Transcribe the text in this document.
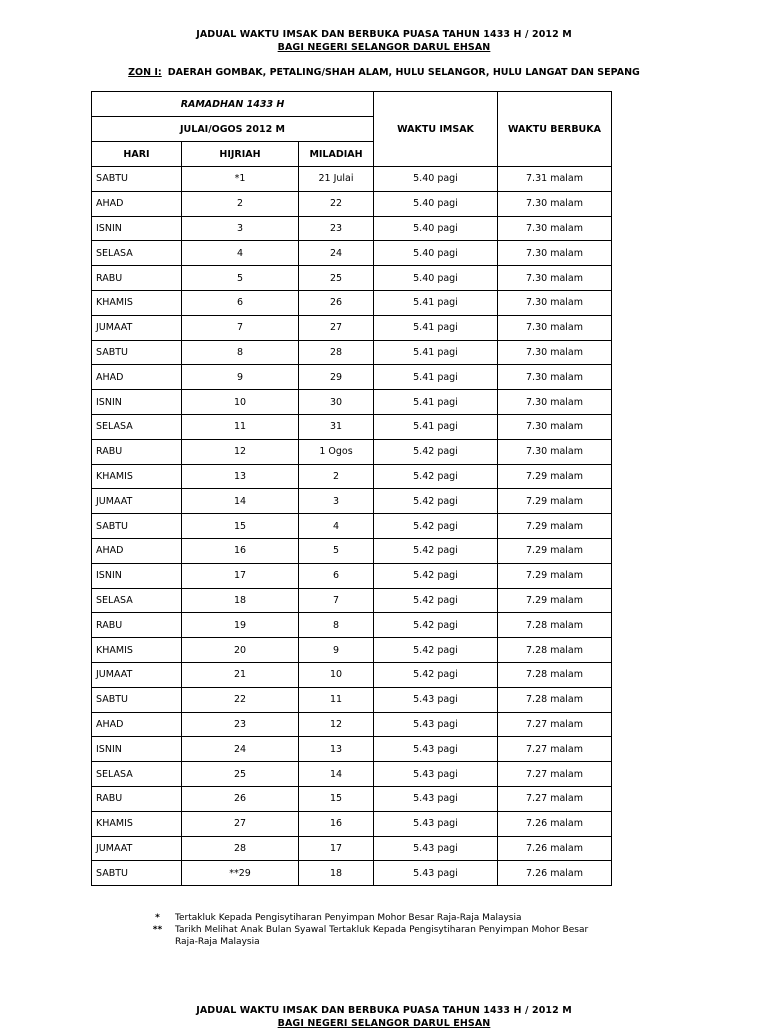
JADUAL WAKTU IMSAK DAN BERBUKA PUASA TAHUN 1433 H / 2012 M
BAGI NEGERI SELANGOR DARUL EHSAN
ZON I: DAERAH GOMBAK, PETALING/SHAH ALAM, HULU SELANGOR, HULU LANGAT DAN SEPANG
RAMADHAN 1433 H			WAKTU IMSAK	WAKTU BERBUKA
JULAI/OGOS 2012 M				
HARI	HIJRIAH	MILADIAH		
SABTU	*1	21 Julai	5.40 pagi	7.31 malam
AHAD	2	22	5.40 pagi	7.30 malam
ISNIN	3	23	5.40 pagi	7.30 malam
SELASA	4	24	5.40 pagi	7.30 malam
RABU	5	25	5.40 pagi	7.30 malam
KHAMIS	6	26	5.41 pagi	7.30 malam
JUMAAT	7	27	5.41 pagi	7.30 malam
SABTU	8	28	5.41 pagi	7.30 malam
AHAD	9	29	5.41 pagi	7.30 malam
ISNIN	10	30	5.41 pagi	7.30 malam
SELASA	11	31	5.41 pagi	7.30 malam
RABU	12	1 Ogos	5.42 pagi	7.30 malam
KHAMIS	13	2	5.42 pagi	7.29 malam
JUMAAT	14	3	5.42 pagi	7.29 malam
SABTU	15	4	5.42 pagi	7.29 malam
AHAD	16	5	5.42 pagi	7.29 malam
ISNIN	17	6	5.42 pagi	7.29 malam
SELASA	18	7	5.42 pagi	7.29 malam
RABU	19	8	5.42 pagi	7.28 malam
KHAMIS	20	9	5.42 pagi	7.28 malam
JUMAAT	21	10	5.42 pagi	7.28 malam
SABTU	22	11	5.43 pagi	7.28 malam
AHAD	23	12	5.43 pagi	7.27 malam
ISNIN	24	13	5.43 pagi	7.27 malam
SELASA	25	14	5.43 pagi	7.27 malam
RABU	26	15	5.43 pagi	7.27 malam
KHAMIS	27	16	5.43 pagi	7.26 malam
JUMAAT	28	17	5.43 pagi	7.26 malam
SABTU	**29	18	5.43 pagi	7.26 malam
*	Tertakluk Kepada Pengisytiharan Penyimpan Mohor Besar Raja-Raja Malaysia
**	Tarikh Melihat Anak Bulan Syawal Tertakluk Kepada Pengisytiharan Penyimpan Mohor Besar Raja-Raja Malaysia
JADUAL WAKTU IMSAK DAN BERBUKA PUASA TAHUN 1433 H / 2012 M
BAGI NEGERI SELANGOR DARUL EHSAN
